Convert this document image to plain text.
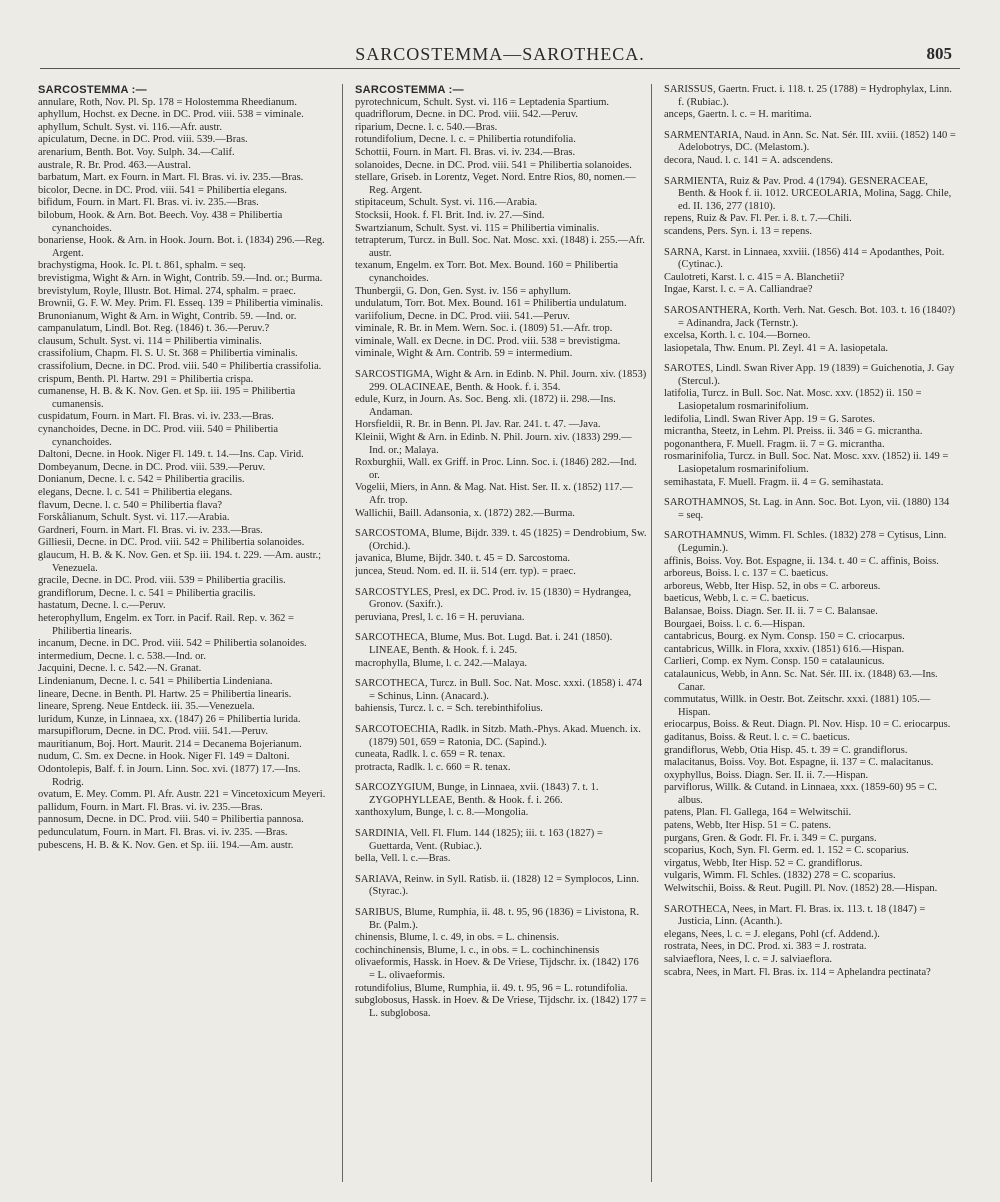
SARCOSTEMMA—SAROTHECA.	805

SARCOSTEMMA :—

annulare, Roth, Nov. Pl. Sp. 178 = Holostemma Rheedianum.

aphyllum, Hochst. ex Decne. in DC. Prod. viii. 538 = viminale.

aphyllum, Schult. Syst. vi. 116.—Afr. austr.

apiculatum, Decne. in DC. Prod. viii. 539.—Bras.

arenarium, Benth. Bot. Voy. Sulph. 34.—Calif.

australe, R. Br. Prod. 463.—Austral.

barbatum, Mart. ex Fourn. in Mart. Fl. Bras. vi. iv. 235.—Bras.

bicolor, Decne. in DC. Prod. viii. 541 = Philibertia elegans.

bifidum, Fourn. in Mart. Fl. Bras. vi. iv. 235.—Bras.

bilobum, Hook. & Arn. Bot. Beech. Voy. 438 = Philibertia cynanchoides.

bonariense, Hook. & Arn. in Hook. Journ. Bot. i. (1834) 296.—Reg. Argent.

brachystigma, Hook. Ic. Pl. t. 861, sphalm. = seq.

brevistigma, Wight & Arn. in Wight, Contrib. 59.—Ind. or.; Burma.

brevistylum, Royle, Illustr. Bot. Himal. 274, sphalm. = praec.

Brownii, G. F. W. Mey. Prim. Fl. Esseq. 139 = Philibertia viminalis.

Brunonianum, Wight & Arn. in Wight, Contrib. 59. —Ind. or.

campanulatum, Lindl. Bot. Reg. (1846) t. 36.—Peruv.?

clausum, Schult. Syst. vi. 114 = Philibertia viminalis.

crassifolium, Chapm. Fl. S. U. St. 368 = Philibertia viminalis.

crassifolium, Decne. in DC. Prod. viii. 540 = Philibertia crassifolia.

crispum, Benth. Pl. Hartw. 291 = Philibertia crispa.

cumanense, H. B. & K. Nov. Gen. et Sp. iii. 195 = Philibertia cumanensis.

cuspidatum, Fourn. in Mart. Fl. Bras. vi. iv. 233.—Bras.

cynanchoides, Decne. in DC. Prod. viii. 540 = Philibertia cynanchoides.

Daltoni, Decne. in Hook. Niger Fl. 149. t. 14.—Ins. Cap. Virid.

Dombeyanum, Decne. in DC. Prod. viii. 539.—Peruv.

Donianum, Decne. l. c. 542 = Philibertia gracilis.

elegans, Decne. l. c. 541 = Philibertia elegans.

flavum, Decne. l. c. 540 = Philibertia flava?

Forskålianum, Schult. Syst. vi. 117.—Arabia.

Gardneri, Fourn. in Mart. Fl. Bras. vi. iv. 233.—Bras.

Gilliesii, Decne. in DC. Prod. viii. 542 = Philibertia solanoides.

glaucum, H. B. & K. Nov. Gen. et Sp. iii. 194. t. 229. —Am. austr.; Venezuela.

gracile, Decne. in DC. Prod. viii. 539 = Philibertia gracilis.

grandiflorum, Decne. l. c. 541 = Philibertia gracilis.

hastatum, Decne. l. c.—Peruv.

heterophyllum, Engelm. ex Torr. in Pacif. Rail. Rep. v. 362 = Philibertia linearis.

incanum, Decne. in DC. Prod. viii. 542 = Philibertia solanoides.

intermedium, Decne. l. c. 538.—Ind. or.

Jacquini, Decne. l. c. 542.—N. Granat.

Lindenianum, Decne. l. c. 541 = Philibertia Lindeniana.

lineare, Decne. in Benth. Pl. Hartw. 25 = Philibertia linearis.

lineare, Spreng. Neue Entdeck. iii. 35.—Venezuela.

luridum, Kunze, in Linnaea, xx. (1847) 26 = Philibertia lurida.

marsupiflorum, Decne. in DC. Prod. viii. 541.—Peruv.

mauritianum, Boj. Hort. Maurit. 214 = Decanema Bojerianum.

nudum, C. Sm. ex Decne. in Hook. Niger Fl. 149 = Daltoni.

Odontolepis, Balf. f. in Journ. Linn. Soc. xvi. (1877) 17.—Ins. Rodrig.

ovatum, E. Mey. Comm. Pl. Afr. Austr. 221 = Vincetoxicum Meyeri.

pallidum, Fourn. in Mart. Fl. Bras. vi. iv. 235.—Bras.

pannosum, Decne. in DC. Prod. viii. 540 = Philibertia pannosa.

pedunculatum, Fourn. in Mart. Fl. Bras. vi. iv. 235. —Bras.

pubescens, H. B. & K. Nov. Gen. et Sp. iii. 194.—Am. austr.

SARCOSTEMMA :—

pyrotechnicum, Schult. Syst. vi. 116 = Leptadenia Spartium.

quadriflorum, Decne. in DC. Prod. viii. 542.—Peruv.

riparium, Decne. l. c. 540.—Bras.

rotundifolium, Decne. l. c. = Philibertia rotundifolia.

Schottii, Fourn. in Mart. Fl. Bras. vi. iv. 234.—Bras.

solanoides, Decne. in DC. Prod. viii. 541 = Philibertia solanoides.

stellare, Griseb. in Lorentz, Veget. Nord. Entre Rios, 80, nomen.—Reg. Argent.

stipitaceum, Schult. Syst. vi. 116.—Arabia.

Stocksii, Hook. f. Fl. Brit. Ind. iv. 27.—Sind.

Swartzianum, Schult. Syst. vi. 115 = Philibertia viminalis.

tetrapterum, Turcz. in Bull. Soc. Nat. Mosc. xxi. (1848) i. 255.—Afr. austr.

texanum, Engelm. ex Torr. Bot. Mex. Bound. 160 = Philibertia cynanchoides.

Thunbergii, G. Don, Gen. Syst. iv. 156 = aphyllum.

undulatum, Torr. Bot. Mex. Bound. 161 = Philibertia undulatum.

variifolium, Decne. in DC. Prod. viii. 541.—Peruv.

viminale, R. Br. in Mem. Wern. Soc. i. (1809) 51.—Afr. trop.

viminale, Wall. ex Decne. in DC. Prod. viii. 538 = brevistigma.

viminale, Wight & Arn. Contrib. 59 = intermedium.

SARCOSTIGMA, Wight & Arn. in Edinb. N. Phil. Journ. xiv. (1853) 299. OLACINEAE, Benth. & Hook. f. i. 354.

edule, Kurz, in Journ. As. Soc. Beng. xli. (1872) ii. 298.—Ins. Andaman.

Horsfieldii, R. Br. in Benn. Pl. Jav. Rar. 241. t. 47. —Java.

Kleinii, Wight & Arn. in Edinb. N. Phil. Journ. xiv. (1833) 299.—Ind. or.; Malaya.

Roxburghii, Wall. ex Griff. in Proc. Linn. Soc. i. (1846) 282.—Ind. or.

Vogelii, Miers, in Ann. & Mag. Nat. Hist. Ser. II. x. (1852) 117.—Afr. trop.

Wallichii, Baill. Adansonia, x. (1872) 282.—Burma.

SARCOSTOMA, Blume, Bijdr. 339. t. 45 (1825) = Dendrobium, Sw. (Orchid.).

javanica, Blume, Bijdr. 340. t. 45 = D. Sarcostoma.

juncea, Steud. Nom. ed. II. ii. 514 (err. typ). = praec.

SARCOSTYLES, Presl, ex DC. Prod. iv. 15 (1830) = Hydrangea, Gronov. (Saxifr.).

peruviana, Presl, l. c. 16 = H. peruviana.

SARCOTHECA, Blume, Mus. Bot. Lugd. Bat. i. 241 (1850). LINEAE, Benth. & Hook. f. i. 245.

macrophylla, Blume, l. c. 242.—Malaya.

SARCOTHECA, Turcz. in Bull. Soc. Nat. Mosc. xxxi. (1858) i. 474 = Schinus, Linn. (Anacard.).

bahiensis, Turcz. l. c. = Sch. terebinthifolius.

SARCOTOECHIA, Radlk. in Sitzb. Math.-Phys. Akad. Muench. ix. (1879) 501, 659 = Ratonia, DC. (Sapind.).

cuneata, Radlk. l. c. 659 = R. tenax.

protracta, Radlk. l. c. 660 = R. tenax.

SARCOZYGIUM, Bunge, in Linnaea, xvii. (1843) 7. t. 1. ZYGOPHYLLEAE, Benth. & Hook. f. i. 266.

xanthoxylum, Bunge, l. c. 8.—Mongolia.

SARDINIA, Vell. Fl. Flum. 144 (1825); iii. t. 163 (1827) = Guettarda, Vent. (Rubiac.).

bella, Vell. l. c.—Bras.

SARIAVA, Reinw. in Syll. Ratisb. ii. (1828) 12 = Symplocos, Linn. (Styrac.).

SARIBUS, Blume, Rumphia, ii. 48. t. 95, 96 (1836) = Livistona, R. Br. (Palm.).

chinensis, Blume, l. c. 49, in obs. = L. chinensis.

cochinchinensis, Blume, l. c., in obs. = L. cochinchinensis

olivaeformis, Hassk. in Hoev. & De Vriese, Tijdschr. ix. (1842) 176 = L. olivaeformis.

rotundifolius, Blume, Rumphia, ii. 49. t. 95, 96 = L. rotundifolia.

subglobosus, Hassk. in Hoev. & De Vriese, Tijdschr. ix. (1842) 177 = L. subglobosa.

SARISSUS, Gaertn. Fruct. i. 118. t. 25 (1788) = Hydrophylax, Linn. f. (Rubiac.).

anceps, Gaertn. l. c. = H. maritima.

SARMENTARIA, Naud. in Ann. Sc. Nat. Sér. III. xviii. (1852) 140 = Adelobotrys, DC. (Melastom.).

decora, Naud. l. c. 141 = A. adscendens.

SARMIENTA, Ruiz & Pav. Prod. 4 (1794). GESNERACEAE, Benth. & Hook f. ii. 1012. URCEOLARIA, Molina, Sagg. Chile, ed. II. 136, 277 (1810).

repens, Ruiz & Pav. Fl. Per. i. 8. t. 7.—Chili.

scandens, Pers. Syn. i. 13 = repens.

SARNA, Karst. in Linnaea, xxviii. (1856) 414 = Apodanthes, Poit. (Cytinac.).

Caulotreti, Karst. l. c. 415 = A. Blanchetii?

Ingae, Karst. l. c. = A. Calliandrae?

SAROSANTHERA, Korth. Verh. Nat. Gesch. Bot. 103. t. 16 (1840?) = Adinandra, Jack (Ternstr.).

excelsa, Korth. l. c. 104.—Borneo.

lasiopetala, Thw. Enum. Pl. Zeyl. 41 = A. lasiopetala.

SAROTES, Lindl. Swan River App. 19 (1839) = Guichenotia, J. Gay (Stercul.).

latifolia, Turcz. in Bull. Soc. Nat. Mosc. xxv. (1852) ii. 150 = Lasiopetalum rosmarinifolium.

ledifolia, Lindl. Swan River App. 19 = G. Sarotes.

micrantha, Steetz, in Lehm. Pl. Preiss. ii. 346 = G. micrantha.

pogonanthera, F. Muell. Fragm. ii. 7 = G. micrantha.

rosmarinifolia, Turcz. in Bull. Soc. Nat. Mosc. xxv. (1852) ii. 149 = Lasiopetalum rosmarinifolium.

semihastata, F. Muell. Fragm. ii. 4 = G. semihastata.

SAROTHAMNOS, St. Lag. in Ann. Soc. Bot. Lyon, vii. (1880) 134 = seq.

SAROTHAMNUS, Wimm. Fl. Schles. (1832) 278 = Cytisus, Linn. (Legumin.).

affinis, Boiss. Voy. Bot. Espagne, ii. 134. t. 40 = C. affinis, Boiss.

arboreus, Boiss. l. c. 137 = C. baeticus.

arboreus, Webb, Iter Hisp. 52, in obs = C. arboreus.

baeticus, Webb, l. c. = C. baeticus.

Balansae, Boiss. Diagn. Ser. II. ii. 7 = C. Balansae.

Bourgaei, Boiss. l. c. 6.—Hispan.

cantabricus, Bourg. ex Nym. Consp. 150 = C. criocarpus.

cantabricus, Willk. in Flora, xxxiv. (1851) 616.—Hispan.

Carlieri, Comp. ex Nym. Consp. 150 = catalaunicus.

catalaunicus, Webb, in Ann. Sc. Nat. Sér. III. ix. (1848) 63.—Ins. Canar.

commutatus, Willk. in Oestr. Bot. Zeitschr. xxxi. (1881) 105.—Hispan.

eriocarpus, Boiss. & Reut. Diagn. Pl. Nov. Hisp. 10 = C. eriocarpus.

gaditanus, Boiss. & Reut. l. c. = C. baeticus.

grandiflorus, Webb, Otia Hisp. 45. t. 39 = C. grandiflorus.

malacitanus, Boiss. Voy. Bot. Espagne, ii. 137 = C. malacitanus.

oxyphyllus, Boiss. Diagn. Ser. II. ii. 7.—Hispan.

parviflorus, Willk. & Cutand. in Linnaea, xxx. (1859-60) 95 = C. albus.

patens, Plan. Fl. Gallega, 164 = Welwitschii.

patens, Webb, Iter Hisp. 51 = C. patens.

purgans, Gren. & Godr. Fl. Fr. i. 349 = C. purgans.

scoparius, Koch, Syn. Fl. Germ. ed. 1. 152 = C. scoparius.

virgatus, Webb, Iter Hisp. 52 = C. grandiflorus.

vulgaris, Wimm. Fl. Schles. (1832) 278 = C. scoparius.

Welwitschii, Boiss. & Reut. Pugill. Pl. Nov. (1852) 28.—Hispan.

SAROTHECA, Nees, in Mart. Fl. Bras. ix. 113. t. 18 (1847) = Justicia, Linn. (Acanth.).

elegans, Nees, l. c. = J. elegans, Pohl (cf. Addend.).

rostrata, Nees, in DC. Prod. xi. 383 = J. rostrata.

salviaeflora, Nees, l. c. = J. salviaeflora.

scabra, Nees, in Mart. Fl. Bras. ix. 114 = Aphelandra pectinata?
